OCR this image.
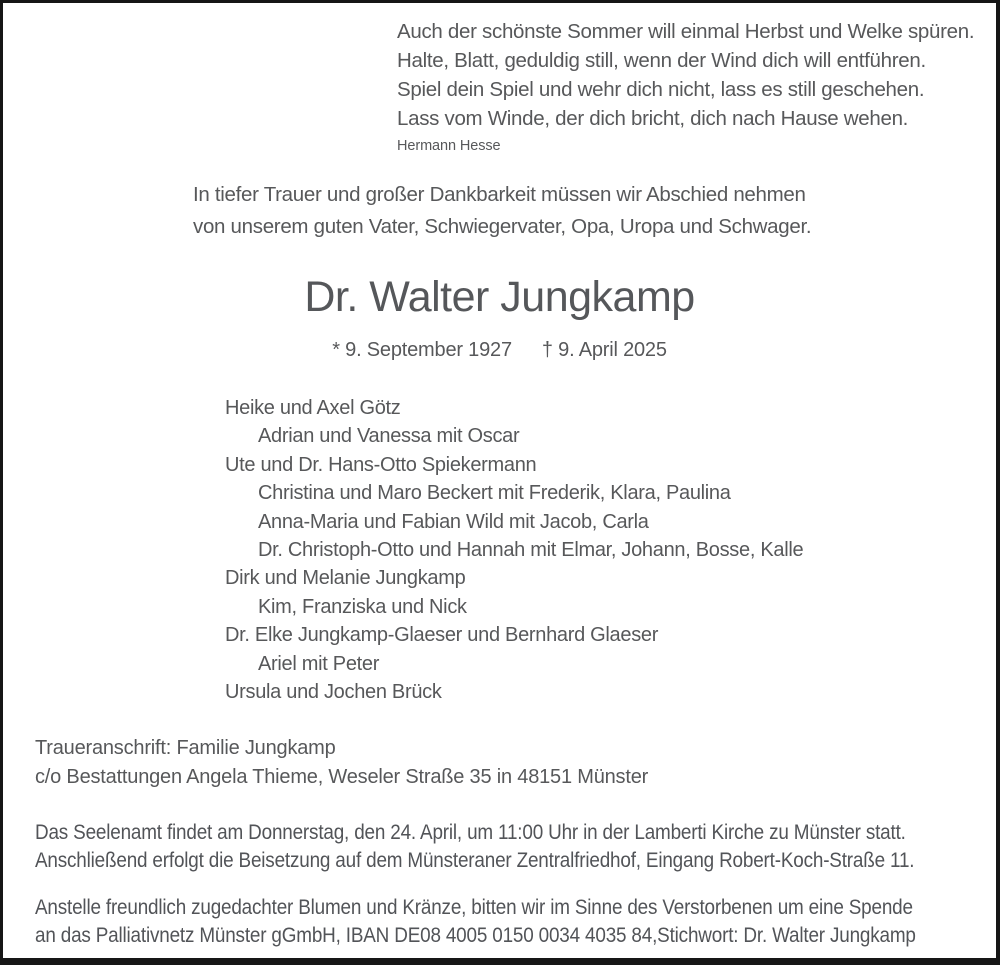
Auch der schönste Sommer will einmal Herbst und Welke spüren.
Halte, Blatt, geduldig still, wenn der Wind dich will entführen.
Spiel dein Spiel und wehr dich nicht, lass es still geschehen.
Lass vom Winde, der dich bricht, dich nach Hause wehen.
Hermann Hesse
In tiefer Trauer und großer Dankbarkeit müssen wir Abschied nehmen
von unserem guten Vater, Schwiegervater, Opa, Uropa und Schwager.
Dr. Walter Jungkamp
* 9. September 1927 † 9. April 2025
Heike und Axel Götz
Adrian und Vanessa mit Oscar
Ute und Dr. Hans-Otto Spiekermann
Christina und Maro Beckert mit Frederik, Klara, Paulina
Anna-Maria und Fabian Wild mit Jacob, Carla
Dr. Christoph-Otto und Hannah mit Elmar, Johann, Bosse, Kalle
Dirk und Melanie Jungkamp
Kim, Franziska und Nick
Dr. Elke Jungkamp-Glaeser und Bernhard Glaeser
Ariel mit Peter
Ursula und Jochen Brück
Traueranschrift: Familie Jungkamp
c/o Bestattungen Angela Thieme, Weseler Straße 35 in 48151 Münster
Das Seelenamt findet am Donnerstag, den 24. April, um 11:00 Uhr in der Lamberti Kirche zu Münster statt.
Anschließend erfolgt die Beisetzung auf dem Münsteraner Zentralfriedhof, Eingang Robert-Koch-Straße 11.
Anstelle freundlich zugedachter Blumen und Kränze, bitten wir im Sinne des Verstorbenen um eine Spende
an das Palliativnetz Münster gGmbH, IBAN DE08 4005 0150 0034 4035 84,Stichwort: Dr. Walter Jungkamp
